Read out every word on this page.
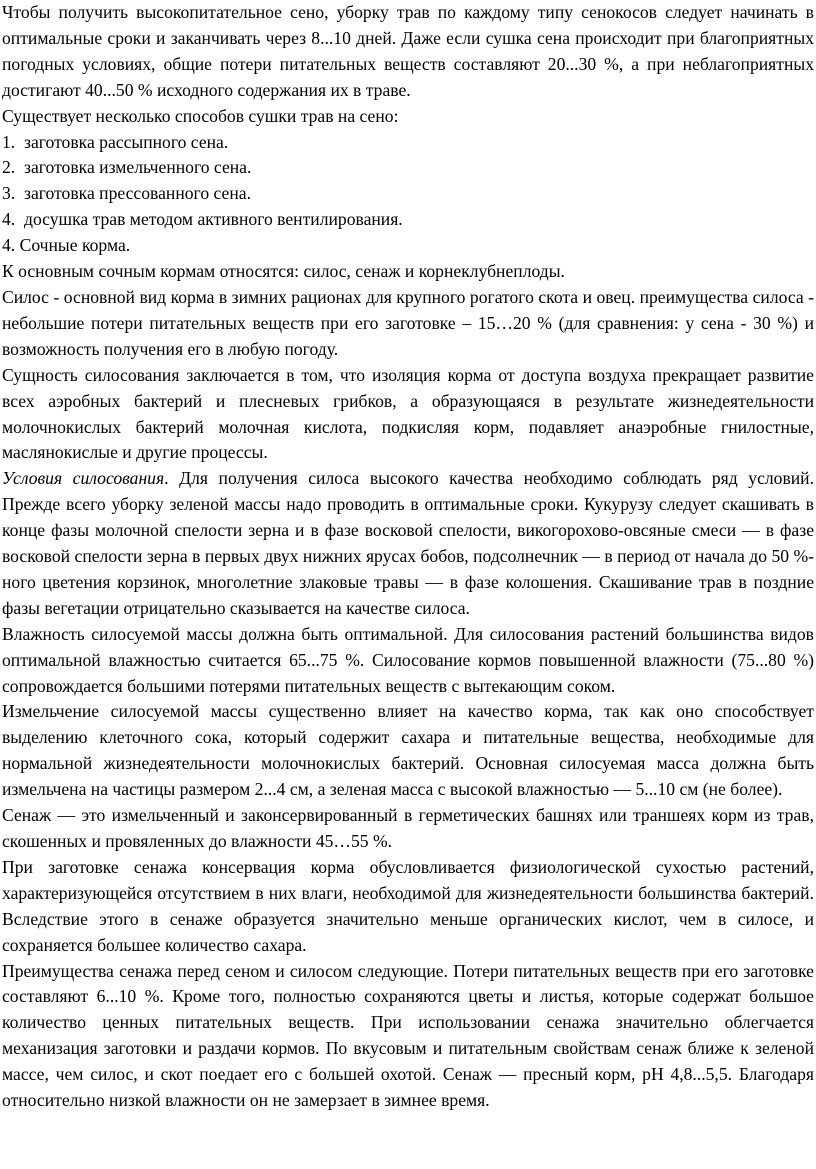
Чтобы получить высокопитательное сено, уборку трав по каждому типу сенокосов следует начинать в оптимальные сроки и заканчивать через 8...10 дней. Даже если сушка сена происходит при благоприятных погодных условиях, общие потери питательных веществ составляют 20...30 %, а при неблагоприятных достигают 40...50 % исходного содержания их в траве.

Существует несколько способов сушки трав на сено:

1. заготовка рассыпного сена.
2. заготовка измельченного сена.
3. заготовка прессованного сена.
4. досушка трав методом активного вентилирования.

4. Сочные корма.

К основным сочным кормам относятся: силос, сенаж и корнеклубнеплоды.

Силос - основной вид корма в зимних рационах для крупного рогатого скота и овец. преимущества силоса - небольшие потери питательных веществ при его заготовке – 15…20 % (для сравнения: у сена - 30 %) и возможность получения его в любую погоду.

Сущность силосования заключается в том, что изоляция корма от доступа воздуха прекращает развитие всех аэробных бактерий и плесневых грибков, а образующаяся в результате жизнедеятельности молочнокислых бактерий молочная кислота, подкисляя корм, подавляет анаэробные гнилостные, маслянокислые и другие процессы.

Условия силосования. Для получения силоса высокого качества необходимо соблюдать ряд условий. Прежде всего уборку зеленой массы надо проводить в оптимальные сроки. Кукурузу следует скашивать в конце фазы молочной спелости зерна и в фазе восковой спелости, викогорохово-овсяные смеси — в фазе восковой спелости зерна в первых двух нижних ярусах бобов, подсолнечник — в период от начала до 50 %-ного цветения корзинок, многолетние злаковые травы — в фазе колошения. Скашивание трав в поздние фазы вегетации отрицательно сказывается на качестве силоса.

Влажность силосуемой массы должна быть оптимальной. Для силосования растений большинства видов оптимальной влажностью считается 65...75 %. Силосование кормов повышенной влажности (75...80 %) сопровождается большими потерями питательных веществ с вытекающим соком.

Измельчение силосуемой массы существенно влияет на качество корма, так как оно способствует выделению клеточного сока, который содержит сахара и питательные вещества, необходимые для нормальной жизнедеятельности молочнокислых бактерий. Основная силосуемая масса должна быть измельчена на частицы размером 2...4 см, а зеленая масса с высокой влажностью — 5...10 см (не более).

Сенаж — это измельченный и законсервированный в герметических башнях или траншеях корм из трав, скошенных и провяленных до влажности 45…55 %.

При заготовке сенажа консервация корма обусловливается физиологической сухостью растений, характеризующейся отсутствием в них влаги, необходимой для жизнедеятельности большинства бактерий. Вследствие этого в сенаже образуется значительно меньше органических кислот, чем в силосе, и сохраняется большее количество сахара.

Преимущества сенажа перед сеном и силосом следующие. Потери питательных веществ при его заготовке составляют 6...10 %. Кроме того, полностью сохраняются цветы и листья, которые содержат большое количество ценных питательных веществ. При использовании сенажа значительно облегчается механизация заготовки и раздачи кормов. По вкусовым и питательным свойствам сенаж ближе к зеленой массе, чем силос, и скот поедает его с большей охотой. Сенаж — пресный корм, pH 4,8...5,5. Благодаря относительно низкой влажности он не замерзает в зимнее время.
